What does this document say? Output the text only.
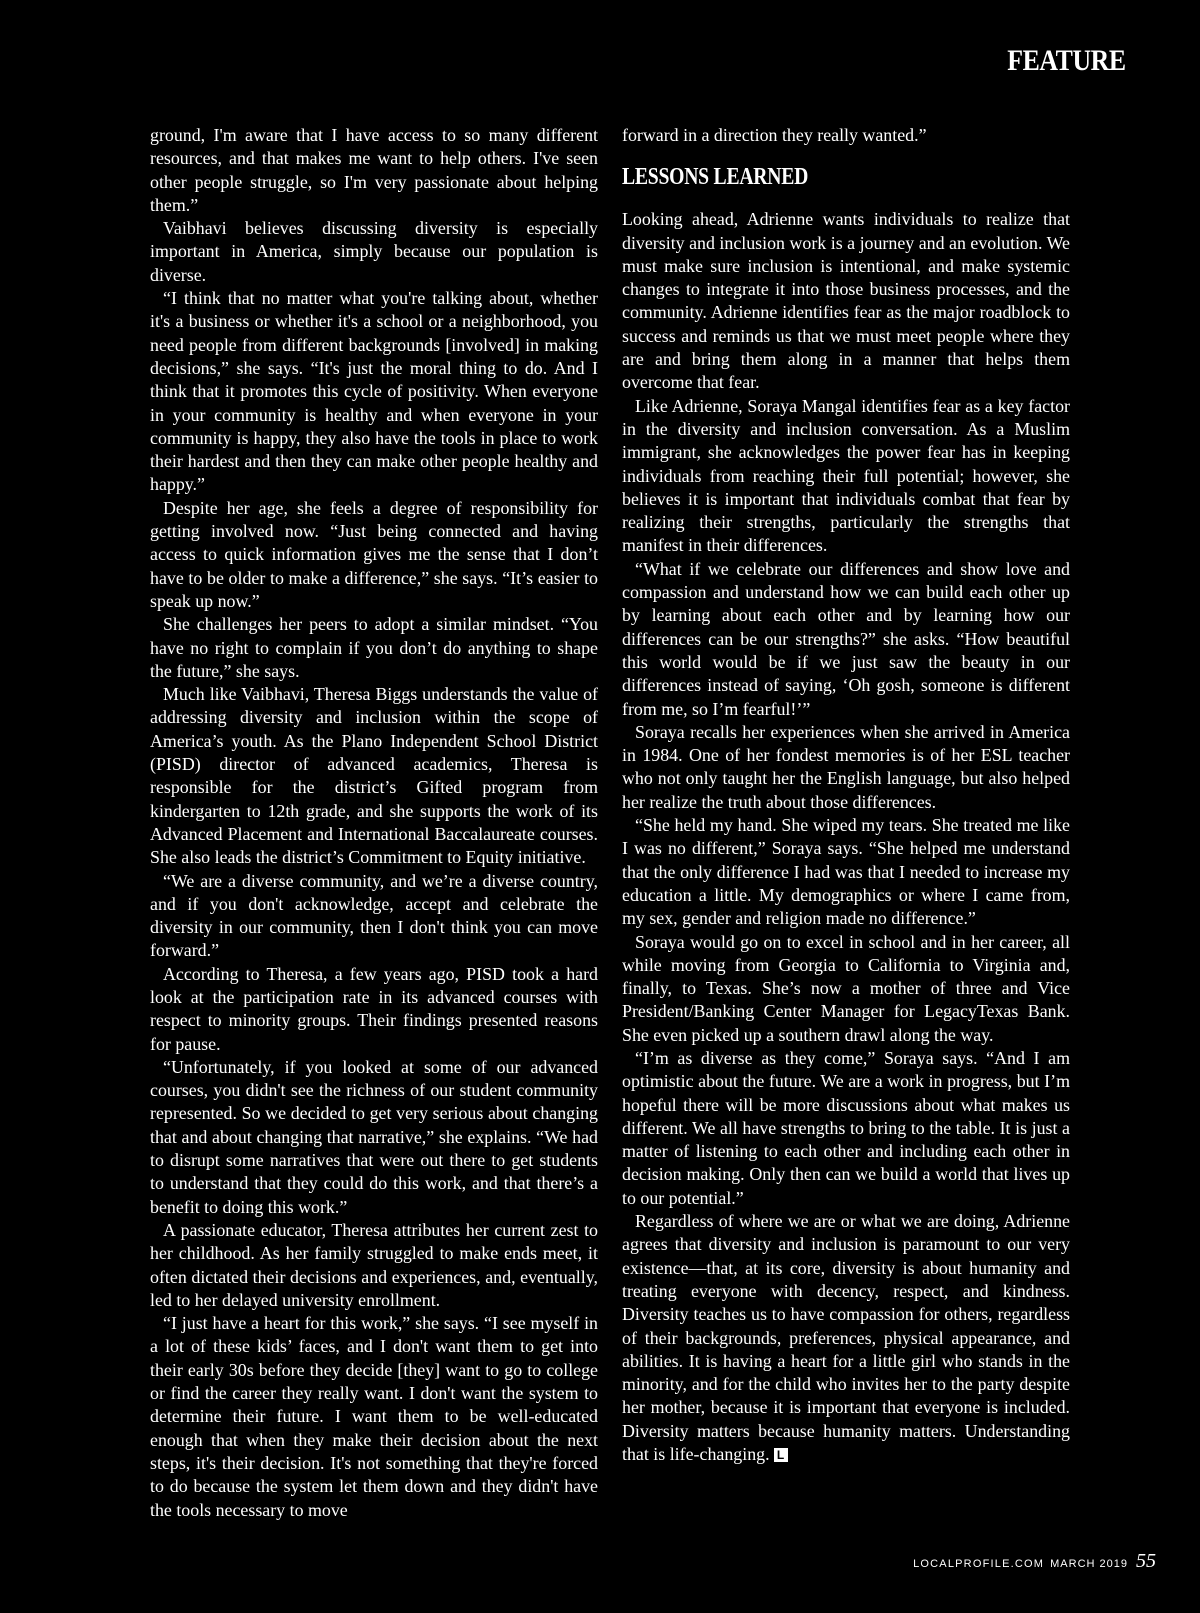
FEATURE

ground, I'm aware that I have access to so many different resources, and that makes me want to help others. I've seen other people struggle, so I'm very passionate about helping them.”

Vaibhavi believes discussing diversity is especially important in America, simply because our population is diverse.

“I think that no matter what you're talking about, whether it's a business or whether it's a school or a neighborhood, you need people from different backgrounds [involved] in making decisions,” she says. “It's just the moral thing to do. And I think that it promotes this cycle of positivity. When everyone in your community is healthy and when everyone in your community is happy, they also have the tools in place to work their hardest and then they can make other people healthy and happy.”

Despite her age, she feels a degree of responsibility for getting involved now. “Just being connected and having access to quick information gives me the sense that I don’t have to be older to make a difference,” she says. “It’s easier to speak up now.”

She challenges her peers to adopt a similar mindset. “You have no right to complain if you don’t do anything to shape the future,” she says.

Much like Vaibhavi, Theresa Biggs understands the value of addressing diversity and inclusion within the scope of America’s youth. As the Plano Independent School District (PISD) director of advanced academics, Theresa is responsible for the district’s Gifted program from kindergarten to 12th grade, and she supports the work of its Advanced Placement and International Baccalaureate courses. She also leads the district’s Commitment to Equity initiative.

“We are a diverse community, and we’re a diverse country, and if you don't acknowledge, accept and celebrate the diversity in our community, then I don't think you can move forward.”

According to Theresa, a few years ago, PISD took a hard look at the participation rate in its advanced courses with respect to minority groups. Their findings presented reasons for pause.

“Unfortunately, if you looked at some of our advanced courses, you didn't see the richness of our student community represented. So we decided to get very serious about changing that and about changing that narrative,” she explains. “We had to disrupt some narratives that were out there to get students to understand that they could do this work, and that there’s a benefit to doing this work.”

A passionate educator, Theresa attributes her current zest to her childhood. As her family struggled to make ends meet, it often dictated their decisions and experiences, and, eventually, led to her delayed university enrollment.

“I just have a heart for this work,” she says. “I see myself in a lot of these kids’ faces, and I don't want them to get into their early 30s before they decide [they] want to go to college or find the career they really want. I don't want the system to determine their future. I want them to be well-educated enough that when they make their decision about the next steps, it's their decision. It's not something that they're forced to do because the system let them down and they didn't have the tools necessary to move

forward in a direction they really wanted.”

LESSONS LEARNED

Looking ahead, Adrienne wants individuals to realize that diversity and inclusion work is a journey and an evolution. We must make sure inclusion is intentional, and make systemic changes to integrate it into those business processes, and the community. Adrienne identifies fear as the major roadblock to success and reminds us that we must meet people where they are and bring them along in a manner that helps them overcome that fear.

Like Adrienne, Soraya Mangal identifies fear as a key factor in the diversity and inclusion conversation. As a Muslim immigrant, she acknowledges the power fear has in keeping individuals from reaching their full potential; however, she believes it is important that individuals combat that fear by realizing their strengths, particularly the strengths that manifest in their differences.

“What if we celebrate our differences and show love and compassion and understand how we can build each other up by learning about each other and by learning how our differences can be our strengths?” she asks. “How beautiful this world would be if we just saw the beauty in our differences instead of saying, ‘Oh gosh, someone is different from me, so I’m fearful!’”

Soraya recalls her experiences when she arrived in America in 1984. One of her fondest memories is of her ESL teacher who not only taught her the English language, but also helped her realize the truth about those differences.

“She held my hand. She wiped my tears. She treated me like I was no different,” Soraya says. “She helped me understand that the only difference I had was that I needed to increase my education a little. My demographics or where I came from, my sex, gender and religion made no difference.”

Soraya would go on to excel in school and in her career, all while moving from Georgia to California to Virginia and, finally, to Texas. She’s now a mother of three and Vice President/Banking Center Manager for LegacyTexas Bank. She even picked up a southern drawl along the way.

“I’m as diverse as they come,” Soraya says. “And I am optimistic about the future. We are a work in progress, but I’m hopeful there will be more discussions about what makes us different. We all have strengths to bring to the table. It is just a matter of listening to each other and including each other in decision making. Only then can we build a world that lives up to our potential.”

Regardless of where we are or what we are doing, Adrienne agrees that diversity and inclusion is paramount to our very existence—that, at its core, diversity is about humanity and treating everyone with decency, respect, and kindness. Diversity teaches us to have compassion for others, regardless of their backgrounds, preferences, physical appearance, and abilities. It is having a heart for a little girl who stands in the minority, and for the child who invites her to the party despite her mother, because it is important that everyone is included. Diversity matters because humanity matters. Understanding that is life-changing. L

LOCALPROFILE.COM MARCH 2019 55
